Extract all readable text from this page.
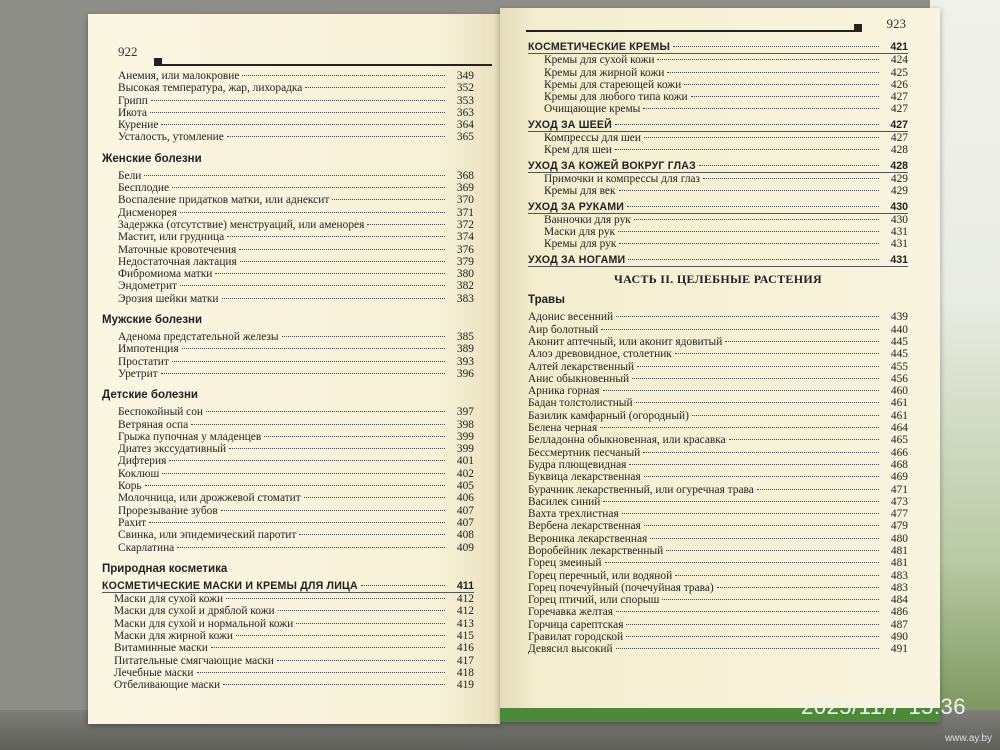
922
Анемия, или малокровие	349
Высокая температура, жар, лихорадка	352
Грипп	353
Икота	363
Курение	364
Усталость, утомление	365
Женские болезни
Бели	368
Бесплодие	369
Воспаление придатков матки, или аднексит	370
Дисменорея	371
Задержка (отсутствие) менструаций, или аменорея	372
Мастит, или грудница	374
Маточные кровотечения	376
Недостаточная лактация	379
Фибромиома матки	380
Эндометрит	382
Эрозия шейки матки	383
Мужские болезни
Аденома предстательной железы	385
Импотенция	389
Простатит	393
Уретрит	396
Детские болезни
Беспокойный сон	397
Ветряная оспа	398
Грыжа пупочная у младенцев	399
Диатез экссудативный	399
Дифтерия	401
Коклюш	402
Корь	405
Молочница, или дрожжевой стоматит	406
Прорезывание зубов	407
Рахит	407
Свинка, или эпидемический паротит	408
Скарлатина	409
Природная косметика
КОСМЕТИЧЕСКИЕ МАСКИ И КРЕМЫ ДЛЯ ЛИЦА	411
Маски для сухой кожи	412
Маски для сухой и дряблой кожи	412
Маски для сухой и нормальной кожи	413
Маски для жирной кожи	415
Витаминные маски	416
Питательные смягчающие маски	417
Лечебные маски	418
Отбеливающие маски	419
923
КОСМЕТИЧЕСКИЕ КРЕМЫ	421
Кремы для сухой кожи	424
Кремы для жирной кожи	425
Кремы для стареющей кожи	426
Кремы для любого типа кожи	427
Очищающие кремы	427
УХОД ЗА ШЕЕЙ	427
Компрессы для шеи	427
Крем для шеи	428
УХОД ЗА КОЖЕЙ ВОКРУГ ГЛАЗ	428
Примочки и компрессы для глаз	429
Кремы для век	429
УХОД ЗА РУКАМИ	430
Ванночки для рук	430
Маски для рук	431
Кремы для рук	431
УХОД ЗА НОГАМИ	431
ЧАСТЬ II. ЦЕЛЕБНЫЕ РАСТЕНИЯ
Травы
Адонис весенний	439
Аир болотный	440
Аконит аптечный, или аконит ядовитый	445
Алоэ древовидное, столетник	445
Алтей лекарственный	455
Анис обыкновенный	456
Арника горная	460
Бадан толстолистный	461
Базилик камфарный (огородный)	461
Белена черная	464
Белладонна обыкновенная, или красавка	465
Бессмертник песчаный	466
Будра плющевидная	468
Буквица лекарственная	469
Бурачник лекарственный, или огуречная трава	471
Василек синий	473
Вахта трехлистная	477
Вербена лекарственная	479
Вероника лекарственная	480
Воробейник лекарственный	481
Горец змеиный	481
Горец перечный, или водяной	483
Горец почечуйный (почечуйная трава)	483
Горец птичий, или спорыш	484
Горечавка желтая	486
Горчица сарептская	487
Гравилат городской	490
Девясил высокий	491
2025/11/7 15:36
www.ay.by
